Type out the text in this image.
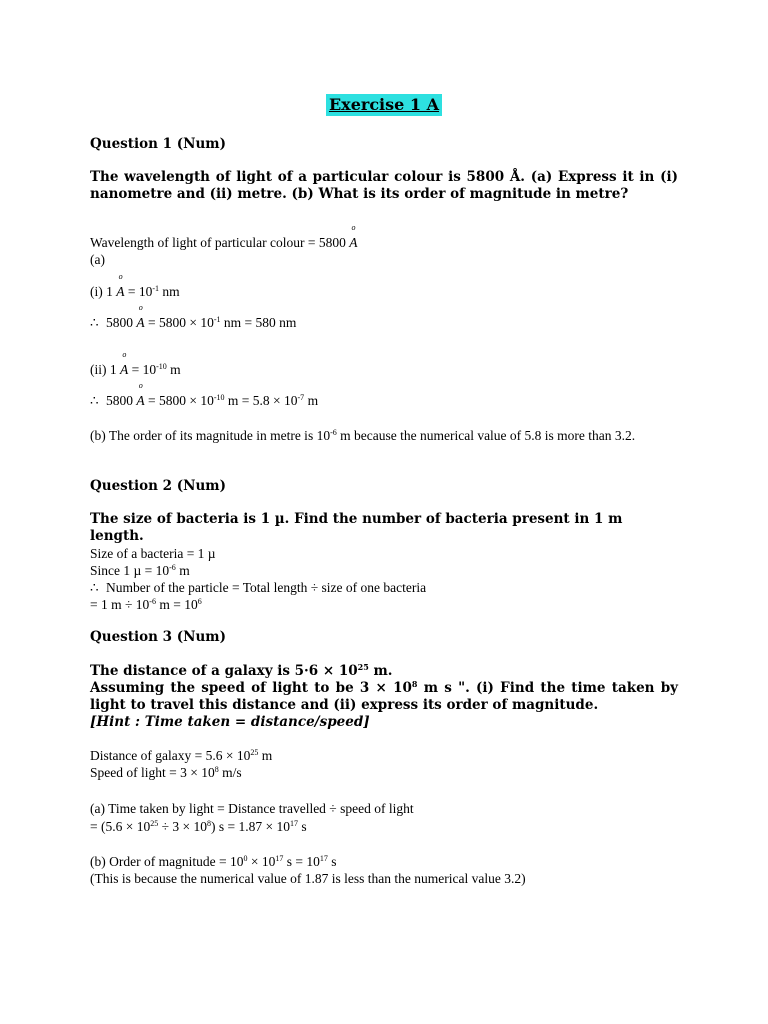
Exercise 1 A
Question 1 (Num)
The wavelength of light of a particular colour is 5800 Å. (a) Express it in (i) nanometre and (ii) metre. (b) What is its order of magnitude in metre?
Wavelength of light of particular colour = 5800
o
A
(a)
(i) 1
o
$A = 10^{-1}$ nm
∴ 5800
o
$A = 5800 \times 10^{-1}$ nm = 580 nm
(ii) 1
o
$A = 10^{-10}$ m
∴ 5800
o
$A = 5800 \times 10^{-10}$ $m = 5.8 \times 10^{-7}$ m
(b) The order of its magnitude in metre is $10^{-6}$ m because the numerical value of 5.8 is more than 3.2.
Question 2 (Num)
The size of bacteria is 1 µ. Find the number of bacteria present in 1 m length.
Size of a bacteria = 1 µ
Since 1 $\mu = 10^{-6}$ m
∴ Number of the particle = Total length ÷ size of one bacteria
= 1 $m \div 10^{-6}$ $m = 10^6$
Question 3 (Num)
The distance of a galaxy is $5\cdot 6 \times 10^{25}$ m.
Assuming the speed of light to be $3 \times 10^8$ m s ". (i) Find the time taken by light to travel this distance and (ii) express its order of magnitude.
[Hint : Time taken = distance/speed]
Distance of galaxy = $5.6 \times 10^{25}$ m
Speed of light = $3 \times 10^8$ m/s
(a) Time taken by light = Distance travelled ÷ speed of light
= $(5.6 \times 10^{25} \div 3 \times 10^8)$ $s = 1.87 \times 10^{17}$ s
(b) Order of magnitude = $10^0 \times 10^{17}$ $s = 10^{17}$ s
(This is because the numerical value of 1.87 is less than the numerical value 3.2)
